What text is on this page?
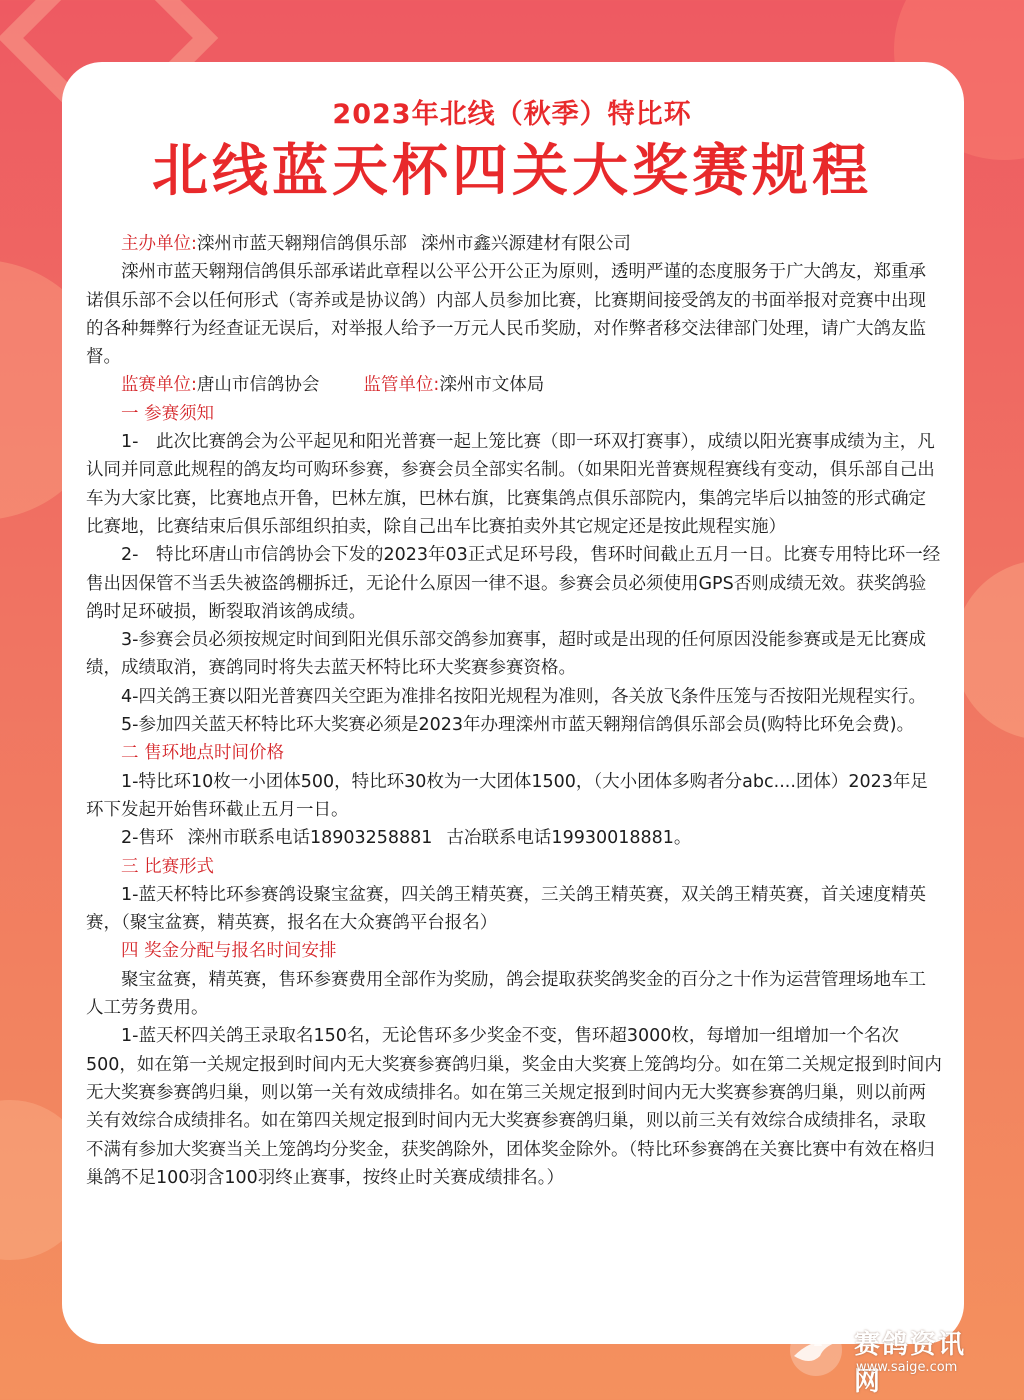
2023年北线（秋季）特比环
北线蓝天杯四关大奖赛规程

主办单位:滦州市蓝天翱翔信鸽俱乐部 滦州市鑫兴源建材有限公司

滦州市蓝天翱翔信鸽俱乐部承诺此章程以公平公开公正为原则，透明严谨的态度服务于广大鸽友，郑重承诺俱乐部不会以任何形式（寄养或是协议鸽）内部人员参加比赛，比赛期间接受鸽友的书面举报对竞赛中出现的各种舞弊行为经查证无误后，对举报人给予一万元人民币奖励，对作弊者移交法律部门处理，请广大鸽友监督。

监赛单位:唐山市信鸽协会	监管单位:滦州市文体局

一 参赛须知

1-　此次比赛鸽会为公平起见和阳光普赛一起上笼比赛（即一环双打赛事），成绩以阳光赛事成绩为主，凡认同并同意此规程的鸽友均可购环参赛，参赛会员全部实名制。（如果阳光普赛规程赛线有变动，俱乐部自己出车为大家比赛，比赛地点开鲁，巴林左旗，巴林右旗，比赛集鸽点俱乐部院内，集鸽完毕后以抽签的形式确定比赛地，比赛结束后俱乐部组织拍卖，除自己出车比赛拍卖外其它规定还是按此规程实施）

2-　特比环唐山市信鸽协会下发的2023年03正式足环号段，售环时间截止五月一日。比赛专用特比环一经售出因保管不当丢失被盗鸽棚拆迁，无论什么原因一律不退。参赛会员必须使用GPS否则成绩无效。获奖鸽验鸽时足环破损，断裂取消该鸽成绩。

3-参赛会员必须按规定时间到阳光俱乐部交鸽参加赛事，超时或是出现的任何原因没能参赛或是无比赛成绩，成绩取消，赛鸽同时将失去蓝天杯特比环大奖赛参赛资格。

4-四关鸽王赛以阳光普赛四关空距为准排名按阳光规程为准则，各关放飞条件压笼与否按阳光规程实行。

5-参加四关蓝天杯特比环大奖赛必须是2023年办理滦州市蓝天翱翔信鸽俱乐部会员(购特比环免会费)。

二 售环地点时间价格

1-特比环10枚一小团体500，特比环30枚为一大团体1500，（大小团体多购者分abc....团体）2023年足环下发起开始售环截止五月一日。

2-售环 滦州市联系电话18903258881 古冶联系电话19930018881。

三 比赛形式

1-蓝天杯特比环参赛鸽设聚宝盆赛，四关鸽王精英赛，三关鸽王精英赛，双关鸽王精英赛，首关速度精英赛，（聚宝盆赛，精英赛，报名在大众赛鸽平台报名）

四 奖金分配与报名时间安排

聚宝盆赛，精英赛，售环参赛费用全部作为奖励，鸽会提取获奖鸽奖金的百分之十作为运营管理场地车工人工劳务费用。

1-蓝天杯四关鸽王录取名150名，无论售环多少奖金不变，售环超3000枚，每增加一组增加一个名次500，如在第一关规定报到时间内无大奖赛参赛鸽归巢，奖金由大奖赛上笼鸽均分。如在第二关规定报到时间内无大奖赛参赛鸽归巢，则以第一关有效成绩排名。如在第三关规定报到时间内无大奖赛参赛鸽归巢，则以前两关有效综合成绩排名。如在第四关规定报到时间内无大奖赛参赛鸽归巢，则以前三关有效综合成绩排名，录取不满有参加大奖赛当关上笼鸽均分奖金，获奖鸽除外，团体奖金除外。（特比环参赛鸽在关赛比赛中有效在格归巢鸽不足100羽含100羽终止赛事，按终止时关赛成绩排名。）

赛鸽资讯网
www.saige.com
